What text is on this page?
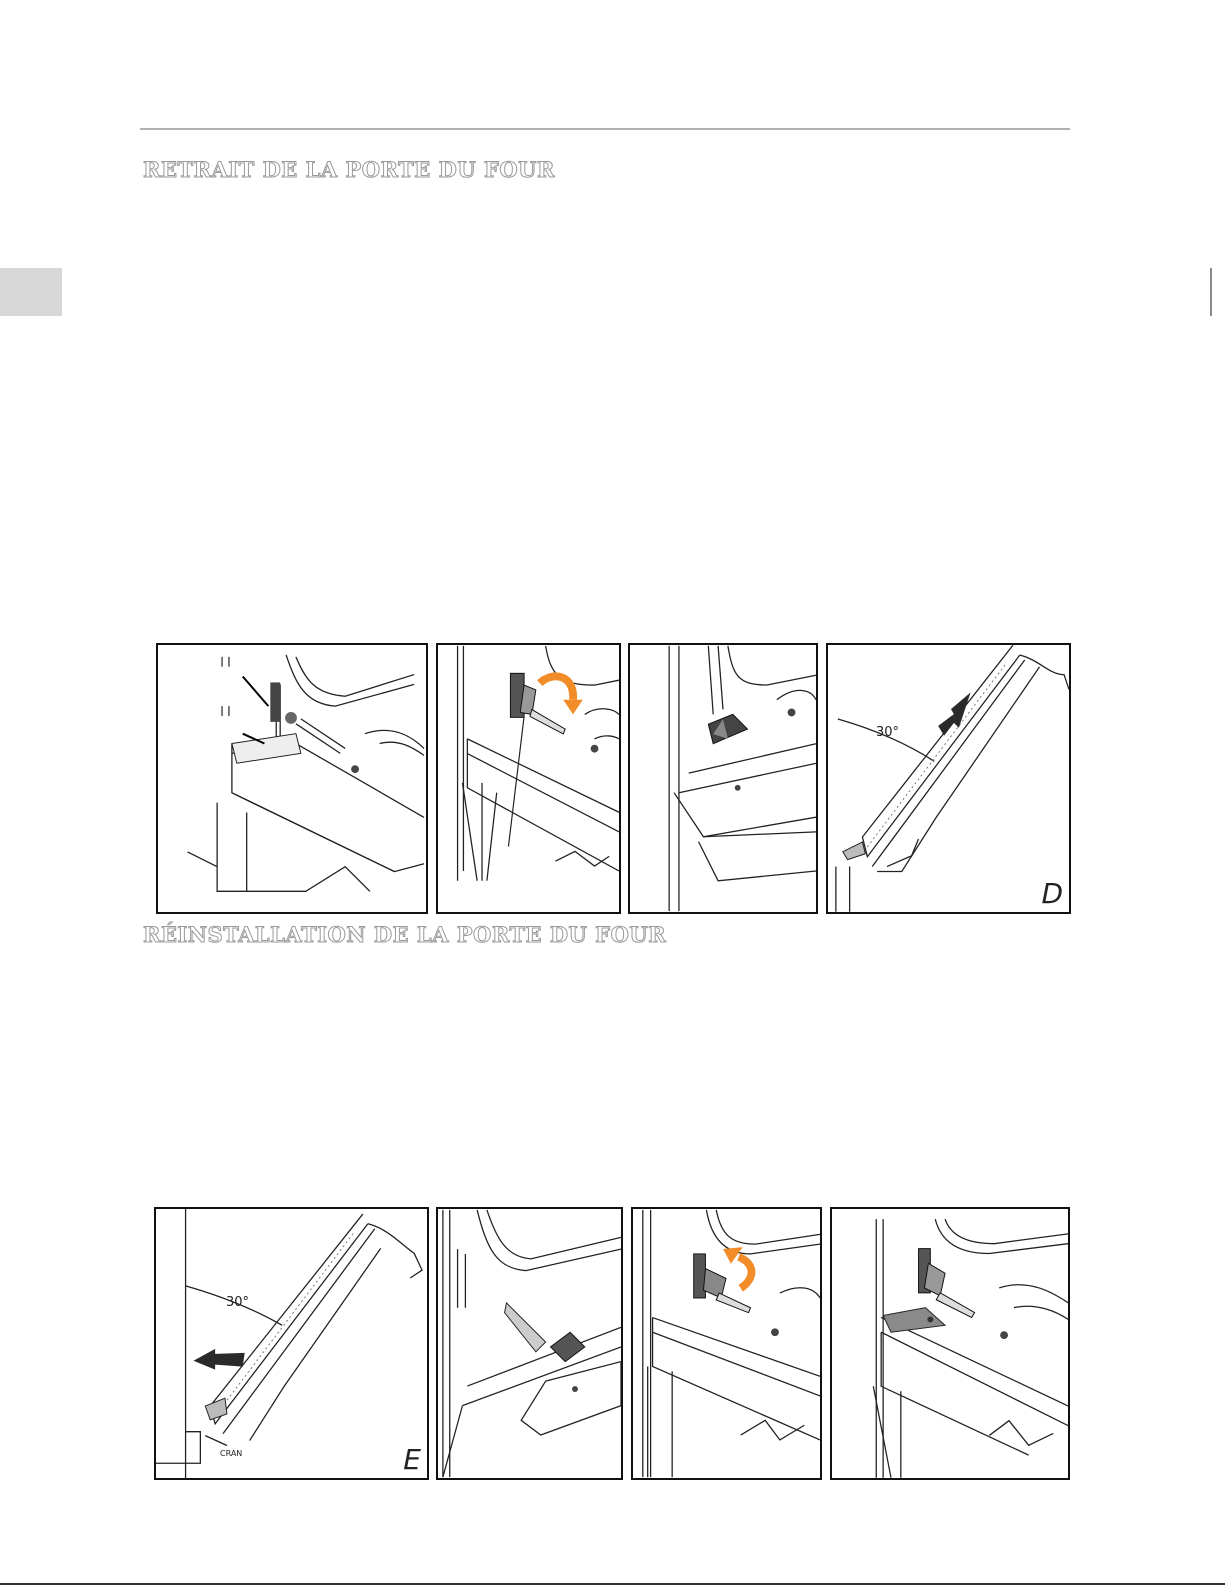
RETRAIT DE LA PORTE DU FOUR
30°
D
RÉINSTALLATION DE LA PORTE DU FOUR
30°
CRAN	E
